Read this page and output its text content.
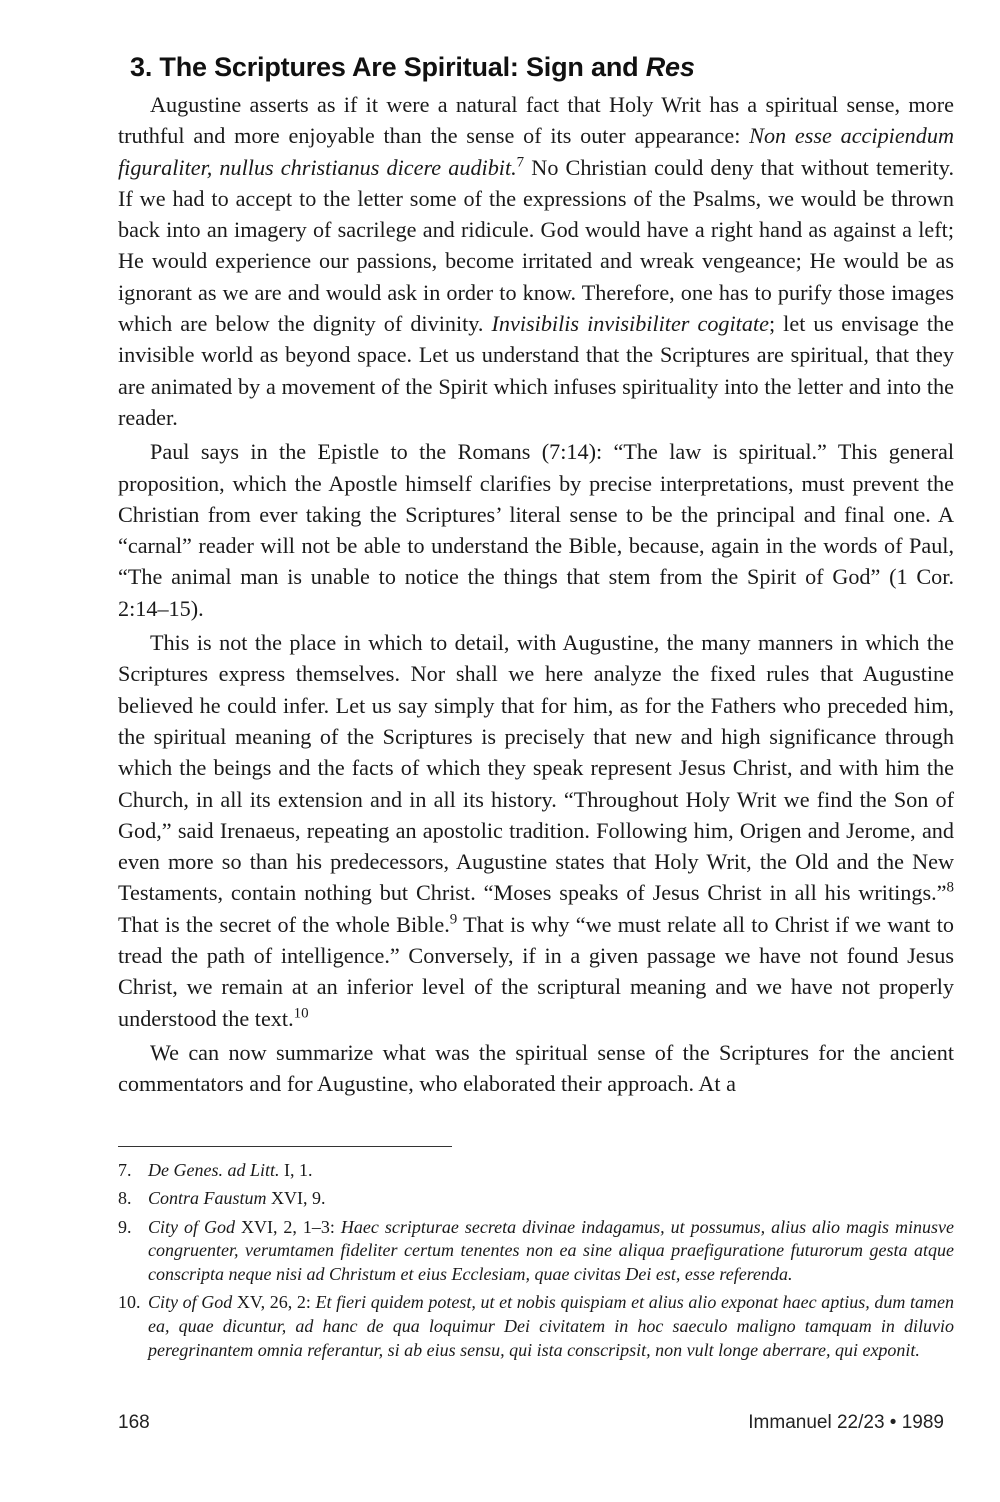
3. The Scriptures Are Spiritual: Sign and Res

Augustine asserts as if it were a natural fact that Holy Writ has a spiritual sense, more truthful and more enjoyable than the sense of its outer appearance: Non esse accipiendum figuraliter, nullus christianus dicere audibit.$^7$ No Christian could deny that without temerity. If we had to accept to the letter some of the expressions of the Psalms, we would be thrown back into an imagery of sacrilege and ridicule. God would have a right hand as against a left; He would experience our passions, become irritated and wreak vengeance; He would be as ignorant as we are and would ask in order to know. Therefore, one has to purify those images which are below the dignity of divinity. Invisibilis invisibiliter cogitate; let us envisage the invisible world as beyond space. Let us understand that the Scriptures are spiritual, that they are animated by a movement of the Spirit which infuses spirituality into the letter and into the reader.

Paul says in the Epistle to the Romans (7:14): “The law is spiritual.” This general proposition, which the Apostle himself clarifies by precise interpretations, must prevent the Christian from ever taking the Scriptures’ literal sense to be the principal and final one. A “carnal” reader will not be able to understand the Bible, because, again in the words of Paul, “The animal man is unable to notice the things that stem from the Spirit of God” (1 Cor. 2:14–15).

This is not the place in which to detail, with Augustine, the many manners in which the Scriptures express themselves. Nor shall we here analyze the fixed rules that Augustine believed he could infer. Let us say simply that for him, as for the Fathers who preceded him, the spiritual meaning of the Scriptures is precisely that new and high significance through which the beings and the facts of which they speak represent Jesus Christ, and with him the Church, in all its extension and in all its history. “Throughout Holy Writ we find the Son of God,” said Irenaeus, repeating an apostolic tradition. Following him, Origen and Jerome, and even more so than his predecessors, Augustine states that Holy Writ, the Old and the New Testaments, contain nothing but Christ. “Moses speaks of Jesus Christ in all his writings.”$^8$ That is the secret of the whole Bible.$^9$ That is why “we must relate all to Christ if we want to tread the path of intelligence.” Conversely, if in a given passage we have not found Jesus Christ, we remain at an inferior level of the scriptural meaning and we have not properly understood the text.$^{10}$

We can now summarize what was the spiritual sense of the Scriptures for the ancient commentators and for Augustine, who elaborated their approach. At a

7. De Genes. ad Litt. I, 1.
8. Contra Faustum XVI, 9.
9. City of God XVI, 2, 1–3: Haec scripturae secreta divinae indagamus, ut possumus, alius alio magis minusve congruenter, verumtamen fideliter certum tenentes non ea sine aliqua praefiguratione futurorum gesta atque conscripta neque nisi ad Christum et eius Ecclesiam, quae civitas Dei est, esse referenda.
10. City of God XV, 26, 2: Et fieri quidem potest, ut et nobis quispiam et alius alio exponat haec aptius, dum tamen ea, quae dicuntur, ad hanc de qua loquimur Dei civitatem in hoc saeculo maligno tamquam in diluvio peregrinantem omnia referantur, si ab eius sensu, qui ista conscripsit, non vult longe aberrare, qui exponit.
168	Immanuel 22/23 • 1989
